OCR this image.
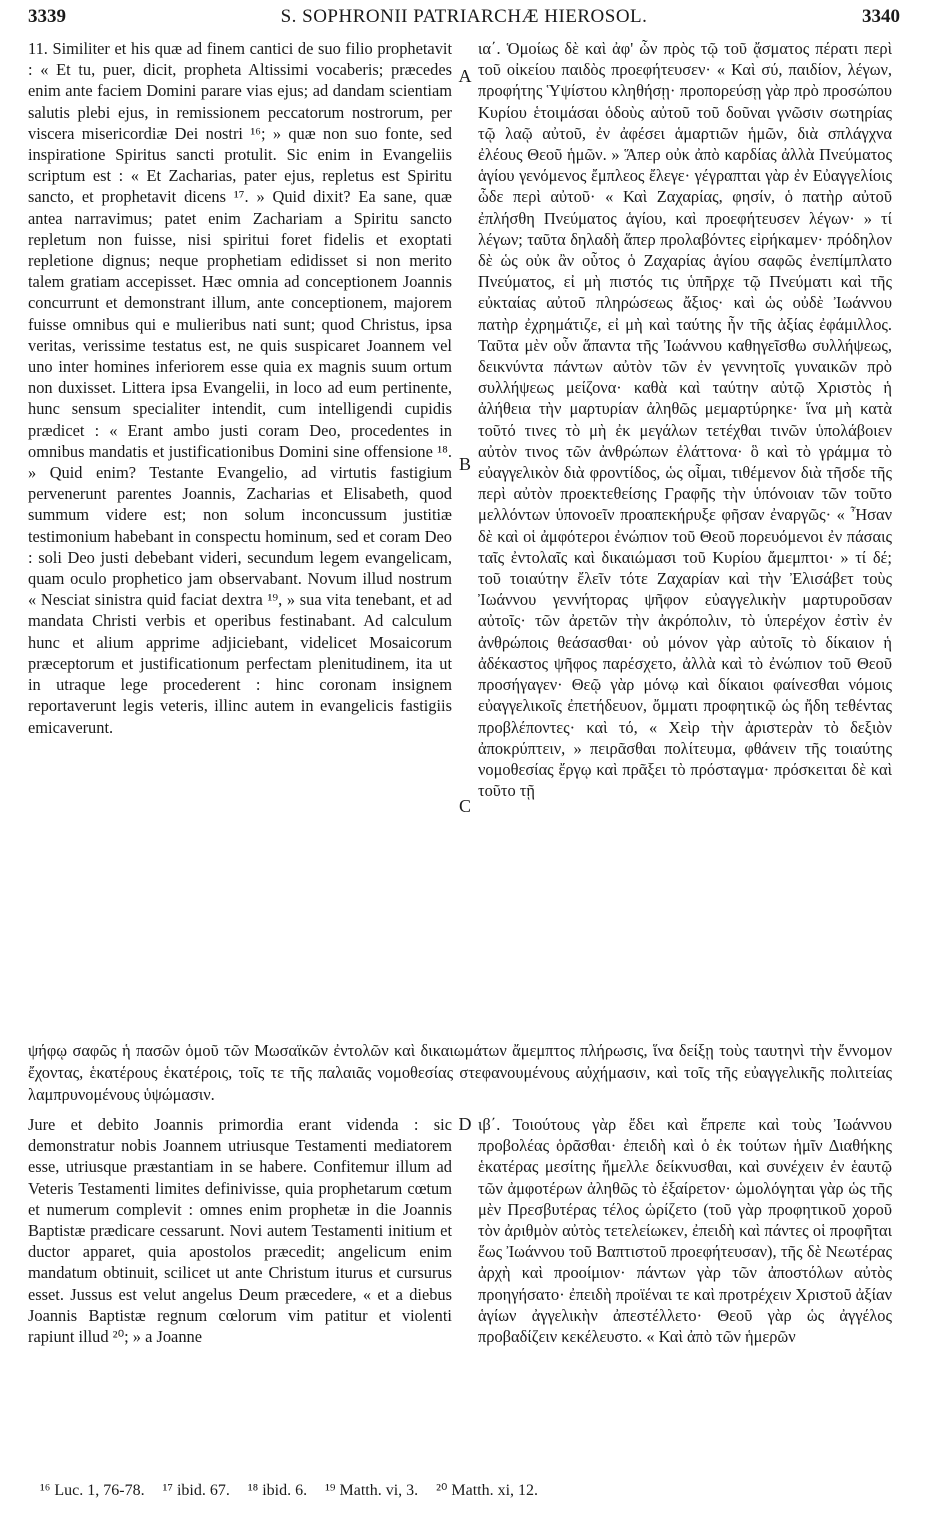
3339	S. SOPHRONII PATRIARCHÆ HIEROSOL.	3340

11. Similiter et his quæ ad finem cantici de suo filio prophetavit : « Et tu, puer, dicit, propheta Altissimi vocaberis; præcedes enim ante faciem Domini parare vias ejus; ad dandam scientiam salutis plebi ejus, in remissionem peccatorum nostrorum, per viscera misericordiæ Dei nostri ¹⁶; » quæ non suo fonte, sed inspiratione Spiritus sancti protulit. Sic enim in Evangeliis scriptum est : « Et Zacharias, pater ejus, repletus est Spiritu sancto, et prophetavit dicens ¹⁷. » Quid dixit? Ea sane, quæ antea narravimus; patet enim Zachariam a Spiritu sancto repletum non fuisse, nisi spiritui foret fidelis et exoptati repletione dignus; neque prophetiam edidisset si non merito talem gratiam accepisset. Hæc omnia ad conceptionem Joannis concurrunt et demonstrant illum, ante conceptionem, majorem fuisse omnibus qui e mulieribus nati sunt; quod Christus, ipsa veritas, verissime testatus est, ne quis suspicaret Joannem vel uno inter homines inferiorem esse quia ex magnis suum ortum non duxisset. Littera ipsa Evangelii, in loco ad eum pertinente, hunc sensum specialiter intendit, cum intelligendi cupidis prædicet : « Erant ambo justi coram Deo, procedentes in omnibus mandatis et justificationibus Domini sine offensione ¹⁸. » Quid enim? Testante Evangelio, ad virtutis fastigium pervenerunt parentes Joannis, Zacharias et Elisabeth, quod summum videre est; non solum inconcussum justitiæ testimonium habebant in conspectu hominum, sed et coram Deo : soli Deo justi debebant videri, secundum legem evangelicam, quam oculo prophetico jam observabant. Novum illud nostrum « Nesciat sinistra quid faciat dextra ¹⁹, » sua vita tenebant, et ad mandata Christi verbis et operibus festinabant. Ad calculum hunc et alium apprime adjiciebant, videlicet Mosaicorum præceptorum et justificationum perfectam plenitudinem, ita ut in utraque lege procederent : hinc coronam insignem reportaverunt legis veteris, illinc autem in evangelicis fastigiis emicaverunt.

ια΄. Ὁμοίως δὲ καὶ ἀφ' ὧν πρὸς τῷ τοῦ ᾄσματος πέρατι περὶ τοῦ οἰκείου παιδὸς προεφήτευσεν· « Καὶ σύ, παιδίον, λέγων, προφήτης Ὑψίστου κληθήσῃ· προπορεύσῃ γὰρ πρὸ προσώπου Κυρίου ἑτοιμάσαι ὁδοὺς αὐτοῦ τοῦ δοῦναι γνῶσιν σωτηρίας τῷ λαῷ αὐτοῦ, ἐν ἀφέσει ἁμαρτιῶν ἡμῶν, διὰ σπλάγχνα ἐλέους Θεοῦ ἡμῶν. » Ἅπερ οὐκ ἀπὸ καρδίας ἀλλὰ Πνεύματος ἁγίου γενόμενος ἔμπλεος ἔλεγε· γέγραπται γὰρ ἐν Εὐαγγελίοις ὧδε περὶ αὐτοῦ· « Καὶ Ζαχαρίας, φησίν, ὁ πατὴρ αὐτοῦ ἐπλήσθη Πνεύματος ἁγίου, καὶ προεφήτευσεν λέγων· » τί λέγων; ταῦτα δηλαδὴ ἅπερ προλαβόντες εἰρήκαμεν· πρόδηλον δὲ ὡς οὐκ ἂν οὗτος ὁ Ζαχαρίας ἁγίου σαφῶς ἐνεπίμπλατο Πνεύματος, εἰ μὴ πιστός τις ὑπῆρχε τῷ Πνεύματι καὶ τῆς εὐκταίας αὐτοῦ πληρώσεως ἄξιος· καὶ ὡς οὐδὲ Ἰωάννου πατὴρ ἐχρημάτιζε, εἰ μὴ καὶ ταύτης ἦν τῆς ἀξίας ἐφάμιλλος. Ταῦτα μὲν οὖν ἅπαντα τῆς Ἰωάννου καθηγεῖσθω συλλήψεως, δεικνύντα πάντων αὐτὸν τῶν ἐν γεννητοῖς γυναικῶν πρὸ συλλήψεως μείζονα· καθὰ καὶ ταύτην αὐτῷ Χριστὸς ἡ ἀλήθεια τὴν μαρτυρίαν ἀληθῶς μεμαρτύρηκε· ἵνα μὴ κατὰ τοῦτό τινες τὸ μὴ ἐκ μεγάλων τετέχθαι τινῶν ὑπολάβοιεν αὐτὸν τινος τῶν ἀνθρώπων ἐλάττονα· ὃ καὶ τὸ γράμμα τὸ εὐαγγελικὸν διὰ φροντίδος, ὡς οἶμαι, τιθέμενον διὰ τῆσδε τῆς περὶ αὐτὸν προεκτεθείσης Γραφῆς τὴν ὑπόνοιαν τῶν τοῦτο μελλόντων ὑπονοεῖν προαπεκήρυξε φῆσαν ἐναργῶς· « Ἦσαν δὲ καὶ οἱ ἀμφότεροι ἐνώπιον τοῦ Θεοῦ πορευόμενοι ἐν πάσαις ταῖς ἐντολαῖς καὶ δικαιώμασι τοῦ Κυρίου ἄμεμπτοι· » τί δέ; τοῦ τοιαύτην ἔλεῖν τότε Ζαχαρίαν καὶ τὴν Ἐλισάβετ τοὺς Ἰωάννου γεννήτορας ψῆφον εὐαγγελικὴν μαρτυροῦσαν αὐτοῖς· τῶν ἀρετῶν τὴν ἀκρόπολιν, τὸ ὑπερέχον ἐστὶν ἐν ἀνθρώποις θεάσασθαι· οὐ μόνον γὰρ αὐτοῖς τὸ δίκαιον ἡ ἀδέκαστος ψῆφος παρέσχετο, ἀλλὰ καὶ τὸ ἐνώπιον τοῦ Θεοῦ προσήγαγεν· Θεῷ γὰρ μόνῳ καὶ δίκαιοι φαίνεσθαι νόμοις εὐαγγελικοῖς ἐπετήδευον, ὄμματι προφητικῷ ὡς ἤδη τεθέντας προβλέποντες· καὶ τό, « Χεὶρ τὴν ἀριστερὰν τὸ δεξιὸν ἀποκρύπτειν, » πειρᾶσθαι πολίτευμα, φθάνειν τῆς τοιαύτης νομοθεσίας ἔργῳ καὶ πρᾶξει τὸ πρόσταγμα· πρόσκειται δὲ καὶ τοῦτο τῇ

A
B
C
D
ψήφῳ σαφῶς ἡ πασῶν ὁμοῦ τῶν Μωσαϊκῶν ἐντολῶν καὶ δικαιωμάτων ἄμεμπτος πλήρωσις, ἵνα δείξῃ τοὺς ταυτηνὶ τὴν ἔννομον ἔχοντας, ἑκατέρους ἑκατέροις, τοῖς τε τῆς παλαιᾶς νομοθεσίας στεφανουμένους αὐχήμασιν, καὶ τοῖς τῆς εὐαγγελικῆς πολιτείας λαμπρυνομένους ὑψώμασιν.

Jure et debito Joannis primordia erant videnda : sic demonstratur nobis Joannem utriusque Testamenti mediatorem esse, utriusque præstantiam in se habere. Confitemur illum ad Veteris Testamenti limites definivisse, quia prophetarum cœtum et numerum complevit : omnes enim prophetæ in die Joannis Baptistæ prædicare cessarunt. Novi autem Testamenti initium et ductor apparet, quia apostolos præcedit; angelicum enim mandatum obtinuit, scilicet ut ante Christum iturus et cursurus esset. Jussus est velut angelus Deum præcedere, « et a diebus Joannis Baptistæ regnum cœlorum vim patitur et violenti rapiunt illud ²⁰; » a Joanne

ιβ΄. Τοιούτους γὰρ ἔδει καὶ ἔπρεπε καὶ τοὺς Ἰωάννου προβολέας ὁρᾶσθαι· ἐπειδὴ καὶ ὁ ἐκ τούτων ἡμῖν Διαθήκης ἑκατέρας μεσίτης ἤμελλε δείκνυσθαι, καὶ συνέχειν ἐν ἑαυτῷ τῶν ἀμφοτέρων ἀληθῶς τὸ ἐξαίρετον· ὡμολόγηται γὰρ ὡς τῆς μὲν Πρεσβυτέρας τέλος ὡρίζετο (τοῦ γὰρ προφητικοῦ χοροῦ τὸν ἀριθμὸν αὐτὸς τετελείωκεν, ἐπειδὴ καὶ πάντες οἱ προφῆται ἕως Ἰωάννου τοῦ Βαπτιστοῦ προεφήτευσαν), τῆς δὲ Νεωτέρας ἀρχὴ καὶ προοίμιον· πάντων γὰρ τῶν ἀποστόλων αὐτὸς προηγήσατο· ἐπειδὴ προϊέναι τε καὶ προτρέχειν Χριστοῦ ἀξίαν ἁγίων ἀγγελικὴν ἀπεστέλλετο· Θεοῦ γὰρ ὡς ἀγγέλος προβαδίζειν κεκέλευστο. « Καὶ ἀπὸ τῶν ἡμερῶν

¹⁶ Luc. 1, 76-78. ¹⁷ ibid. 67. ¹⁸ ibid. 6. ¹⁹ Matth. vi, 3. ²⁰ Matth. xi, 12.
